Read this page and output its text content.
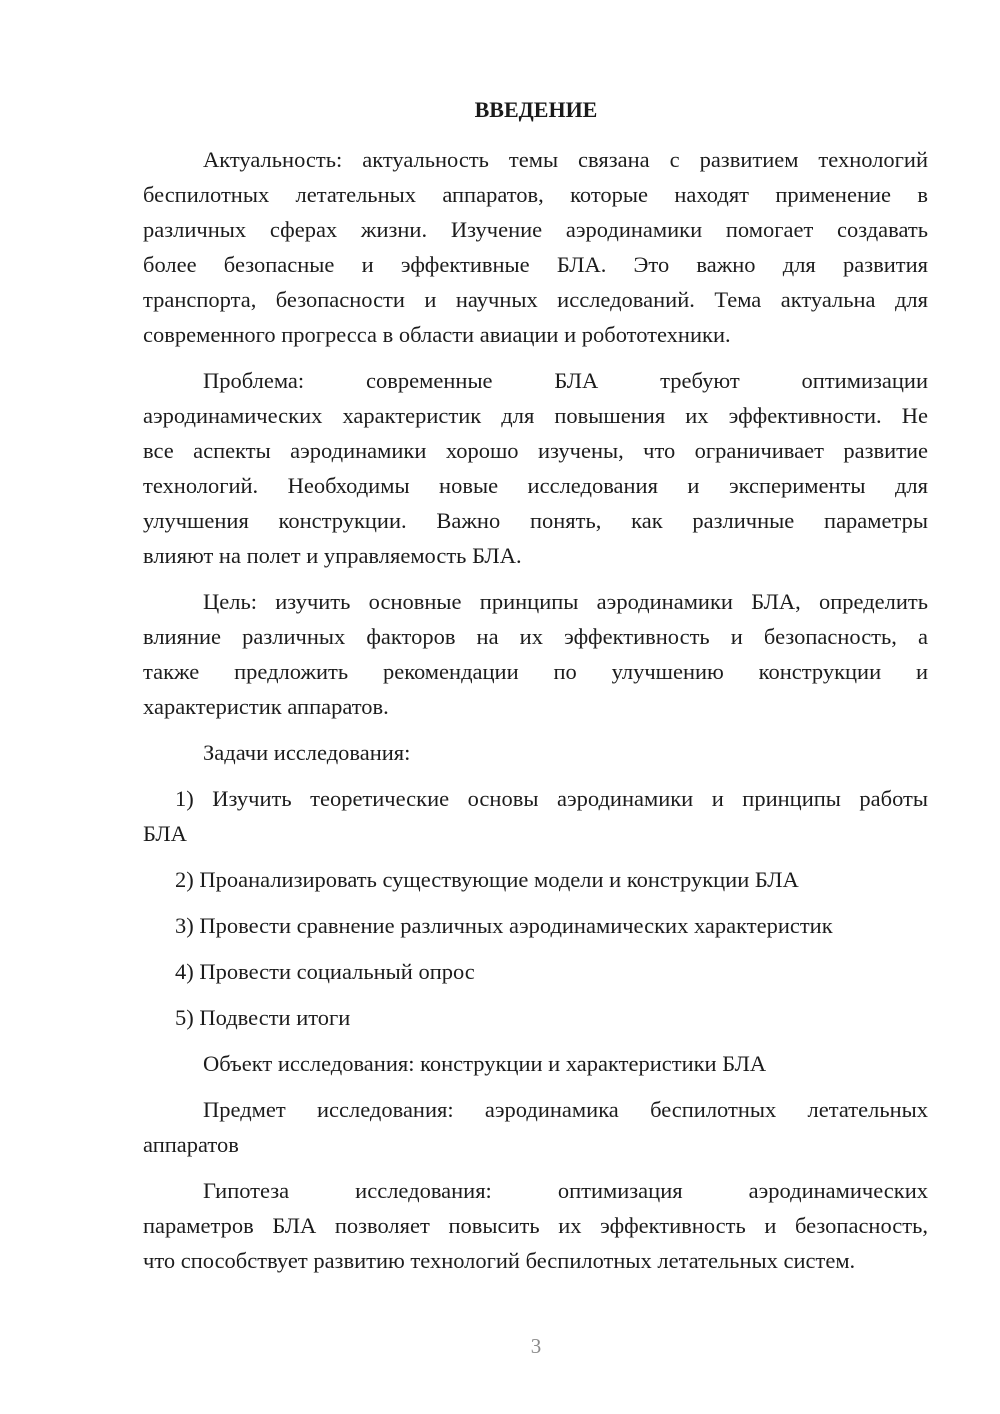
ВВЕДЕНИЕ
Актуальность: актуальность темы связана с развитием технологий
беспилотных летательных аппаратов, которые находят применение в
различных сферах жизни. Изучение аэродинамики помогает создавать
более безопасные и эффективные БЛА. Это важно для развития
транспорта, безопасности и научных исследований. Тема актуальна для
современного прогресса в области авиации и робототехники.
Проблема: современные БЛА требуют оптимизации
аэродинамических характеристик для повышения их эффективности. Не
все аспекты аэродинамики хорошо изучены, что ограничивает развитие
технологий. Необходимы новые исследования и эксперименты для
улучшения конструкции. Важно понять, как различные параметры
влияют на полет и управляемость БЛА.
Цель: изучить основные принципы аэродинамики БЛА, определить
влияние различных факторов на их эффективность и безопасность, а
также предложить рекомендации по улучшению конструкции и
характеристик аппаратов.
Задачи исследования:
1) Изучить теоретические основы аэродинамики и принципы работы
БЛА
2) Проанализировать существующие модели и конструкции БЛА
3) Провести сравнение различных аэродинамических характеристик
4) Провести социальный опрос
5) Подвести итоги
Объект исследования: конструкции и характеристики БЛА
Предмет исследования: аэродинамика беспилотных летательных
аппаратов
Гипотеза исследования: оптимизация аэродинамических
параметров БЛА позволяет повысить их эффективность и безопасность,
что способствует развитию технологий беспилотных летательных систем.
3
